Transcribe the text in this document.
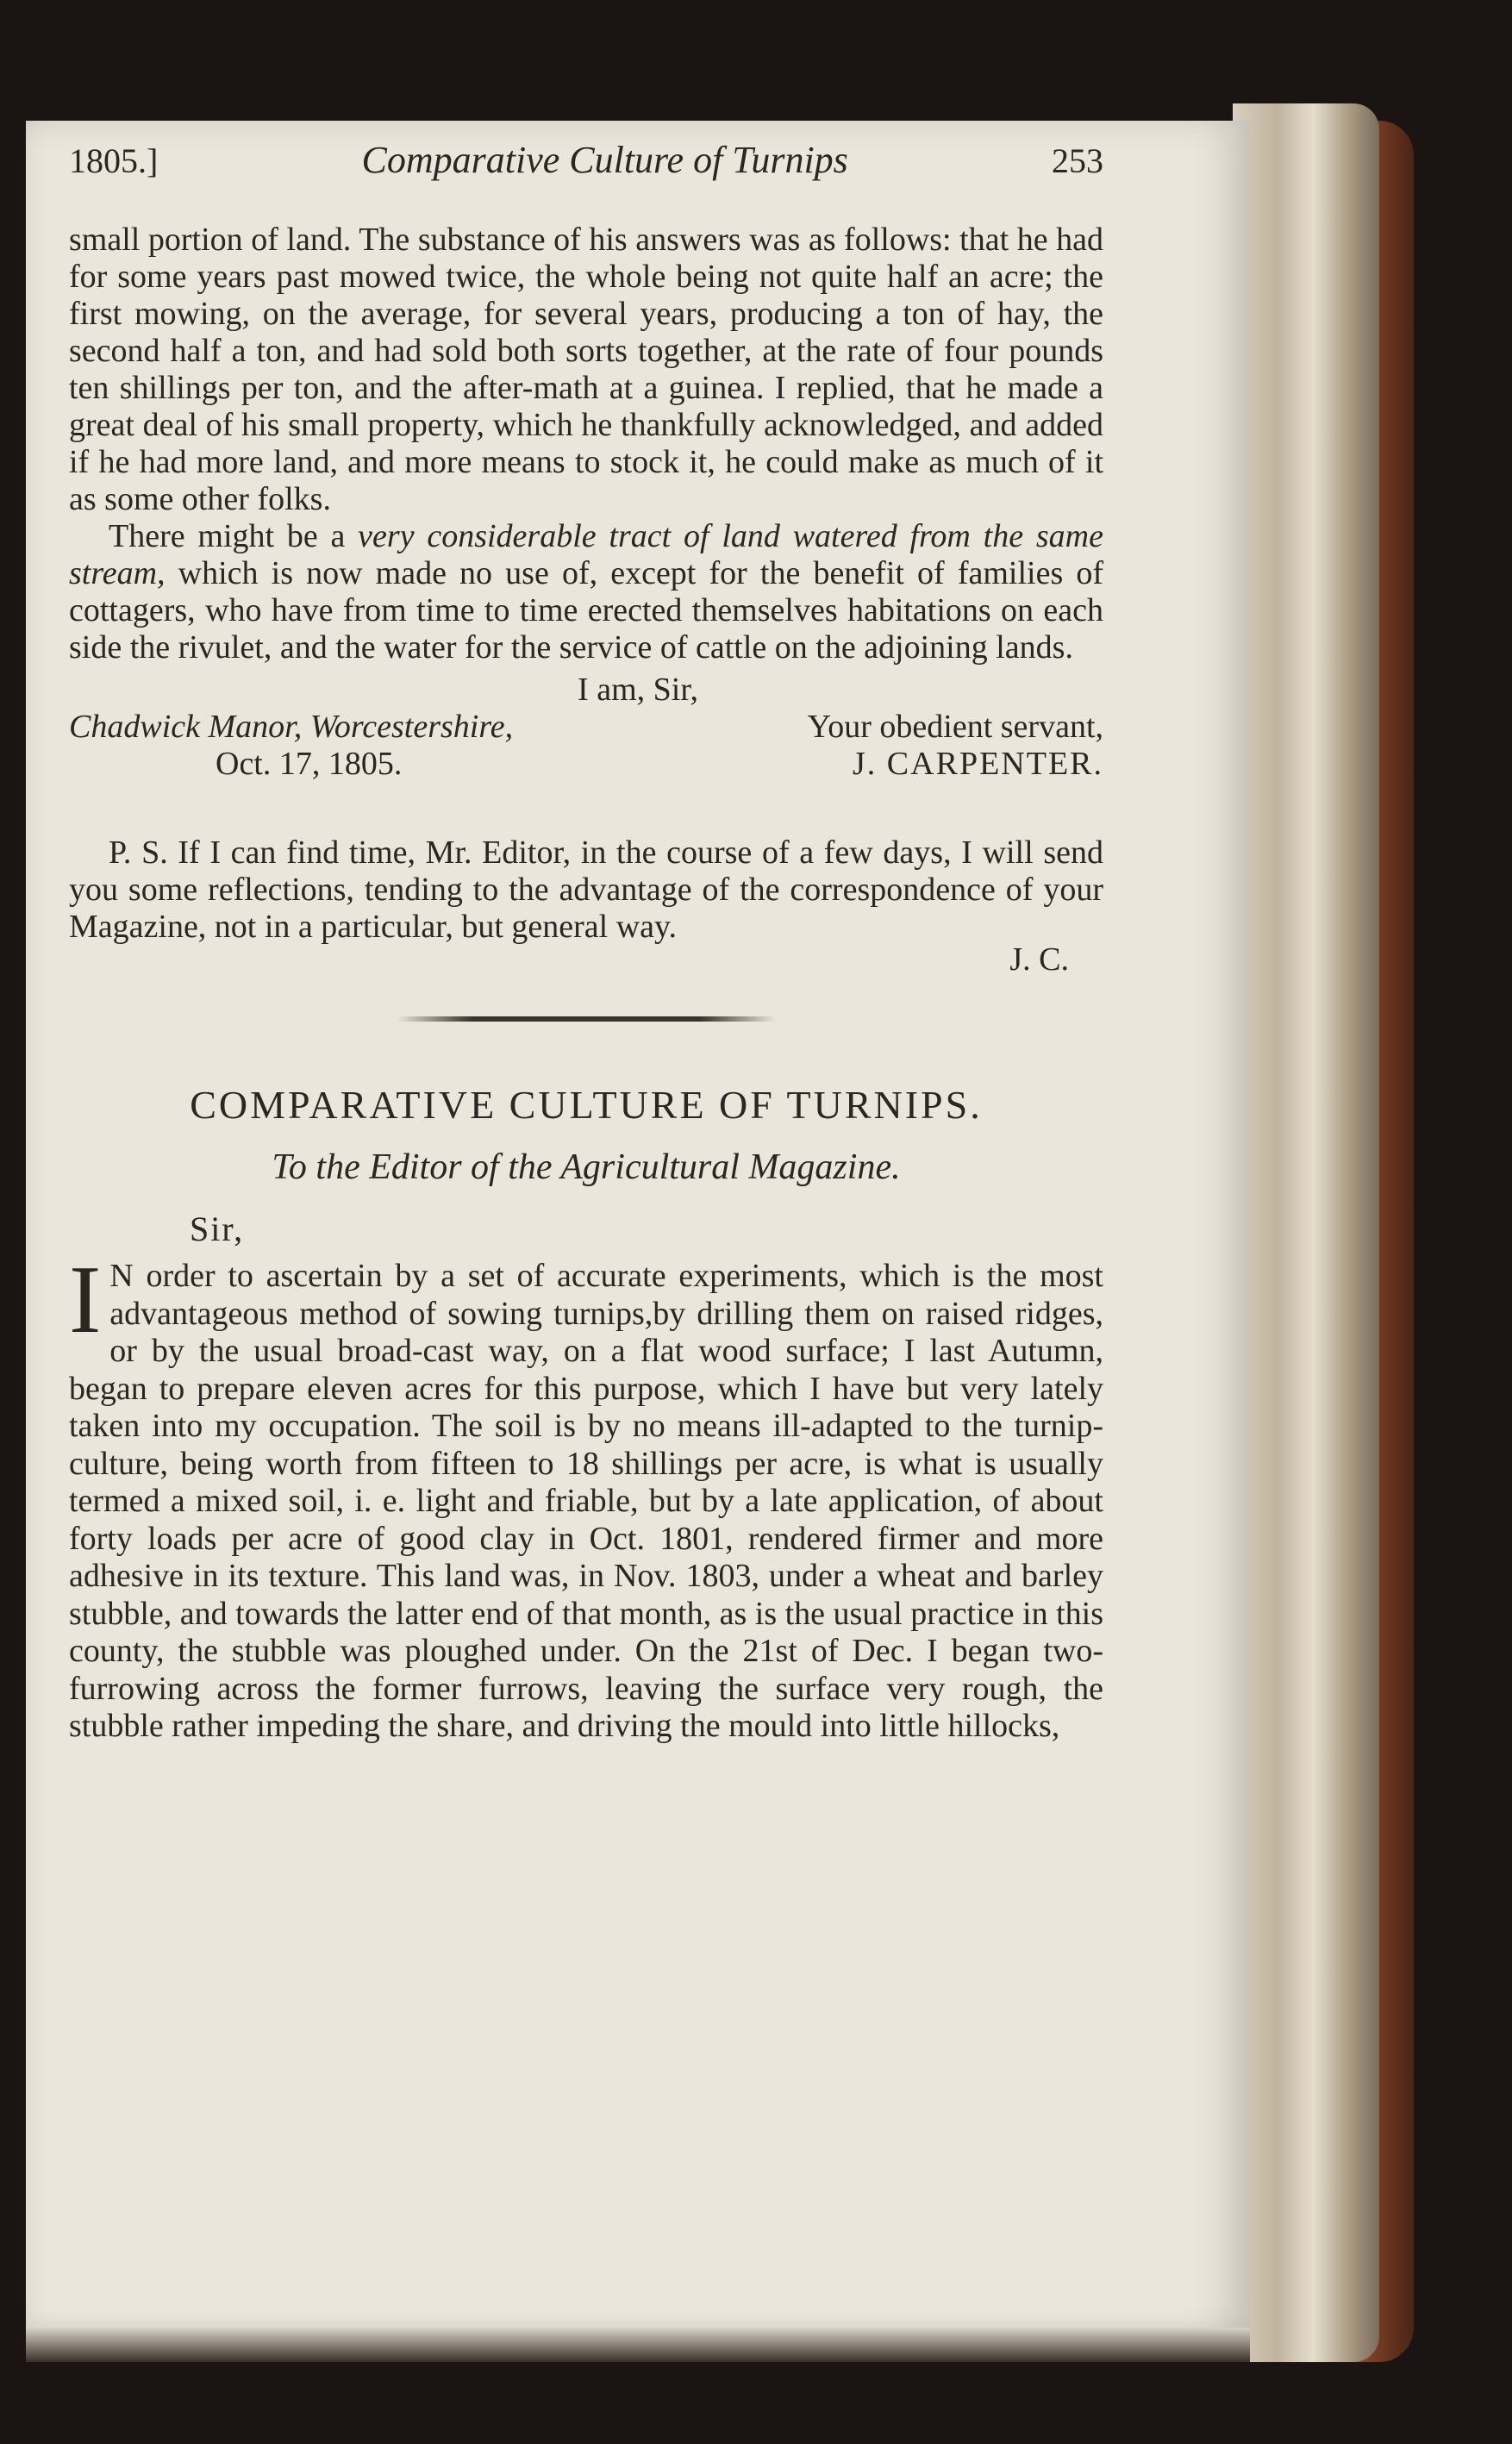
1805.]	Comparative Culture of Turnips	253

small portion of land. The substance of his answers was as follows: that he had for some years past mowed twice, the whole being not quite half an acre; the first mowing, on the average, for several years, producing a ton of hay, the second half a ton, and had sold both sorts together, at the rate of four pounds ten shillings per ton, and the after-math at a guinea. I replied, that he made a great deal of his small property, which he thankfully acknowledged, and added if he had more land, and more means to stock it, he could make as much of it as some other folks.

There might be a very considerable tract of land watered from the same stream, which is now made no use of, except for the benefit of families of cottagers, who have from time to time erected themselves habitations on each side the rivulet, and the water for the service of cattle on the adjoining lands.

I am, Sir,
Chadwick Manor, Worcestershire,	Your obedient servant,
Oct. 17, 1805.	J. CARPENTER.

P. S. If I can find time, Mr. Editor, in the course of a few days, I will send you some reflections, tending to the advantage of the correspondence of your Magazine, not in a particular, but general way.

J. C.
COMPARATIVE CULTURE OF TURNIPS.
To the Editor of the Agricultural Magazine.
Sir,

I N order to ascertain by a set of accurate experiments, which is the most advantageous method of sowing turnips,by drilling them on raised ridges, or by the usual broad-cast way, on a flat wood surface; I last Autumn, began to prepare eleven acres for this purpose, which I have but very lately taken into my occupation. The soil is by no means ill-adapted to the turnip-culture, being worth from fifteen to 18 shillings per acre, is what is usually termed a mixed soil, i. e. light and friable, but by a late application, of about forty loads per acre of good clay in Oct. 1801, rendered firmer and more adhesive in its texture. This land was, in Nov. 1803, under a wheat and barley stubble, and towards the latter end of that month, as is the usual practice in this county, the stubble was ploughed under. On the 21st of Dec. I began two-furrowing across the former furrows, leaving the surface very rough, the stubble rather impeding the share, and driving the mould into little hillocks,
